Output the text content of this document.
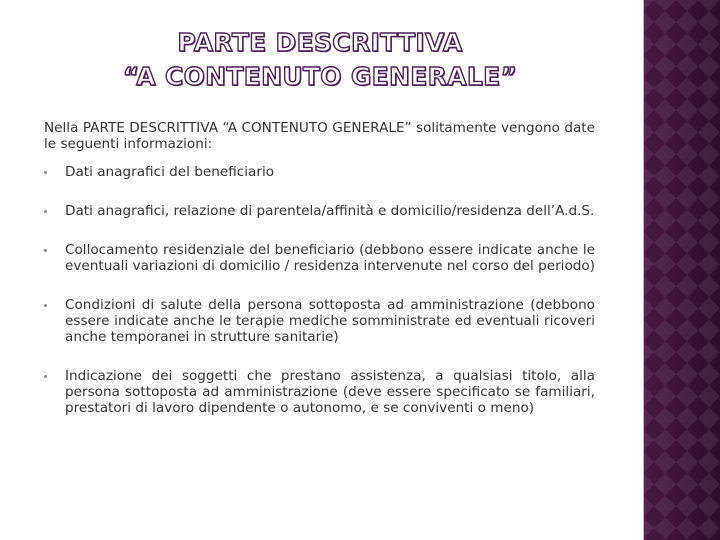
PARTE DESCRITTIVA
“A CONTENUTO GENERALE”

Nella PARTE DESCRITTIVA “A CONTENUTO GENERALE” solitamente vengono date le seguenti informazioni:

Dati anagrafici del beneficiario
Dati anagrafici, relazione di parentela/affinità e domicilio/residenza dell’A.d.S.
Collocamento residenziale del beneficiario (debbono essere indicate anche le eventuali variazioni di domicilio / residenza intervenute nel corso del periodo)
Condizioni di salute della persona sottoposta ad amministrazione (debbono essere indicate anche le terapie mediche somministrate ed eventuali ricoveri anche temporanei in strutture sanitarie)
Indicazione dei soggetti che prestano assistenza, a qualsiasi titolo, alla persona sottoposta ad amministrazione (deve essere specificato se familiari, prestatori di lavoro dipendente o autonomo, e se conviventi o meno)
